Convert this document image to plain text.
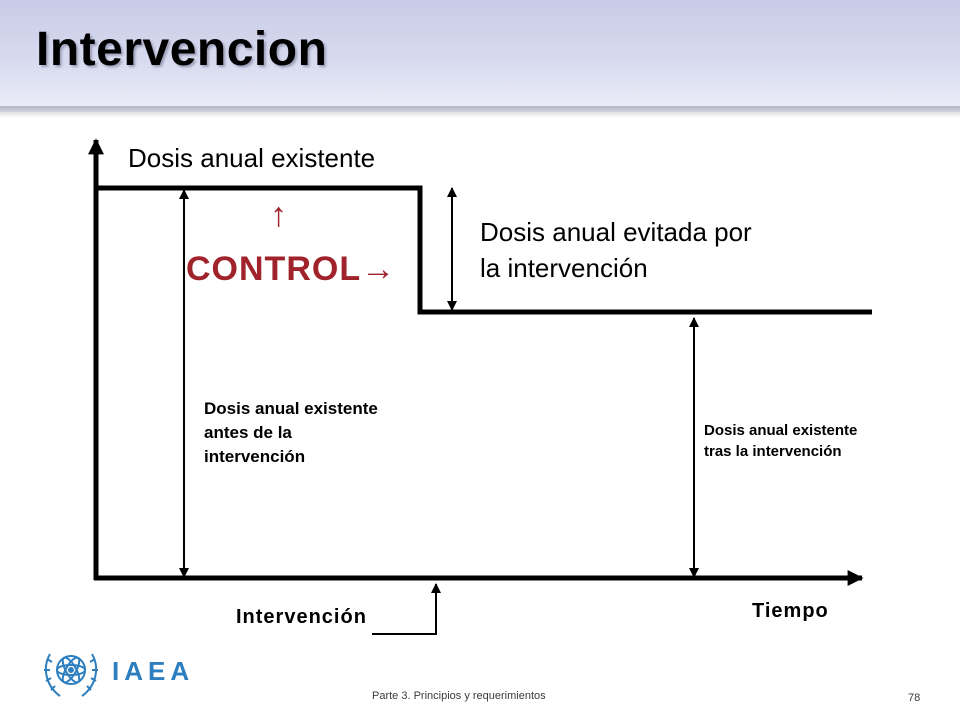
Intervencion
Dosis anual existente
↑
CONTROL→
Dosis anual evitada por
la intervención
Dosis anual existente
antes de la
intervención
Dosis anual existente
tras la intervención
Intervención	Tiempo
IAEA
Parte 3. Principios y requerimientos	78
